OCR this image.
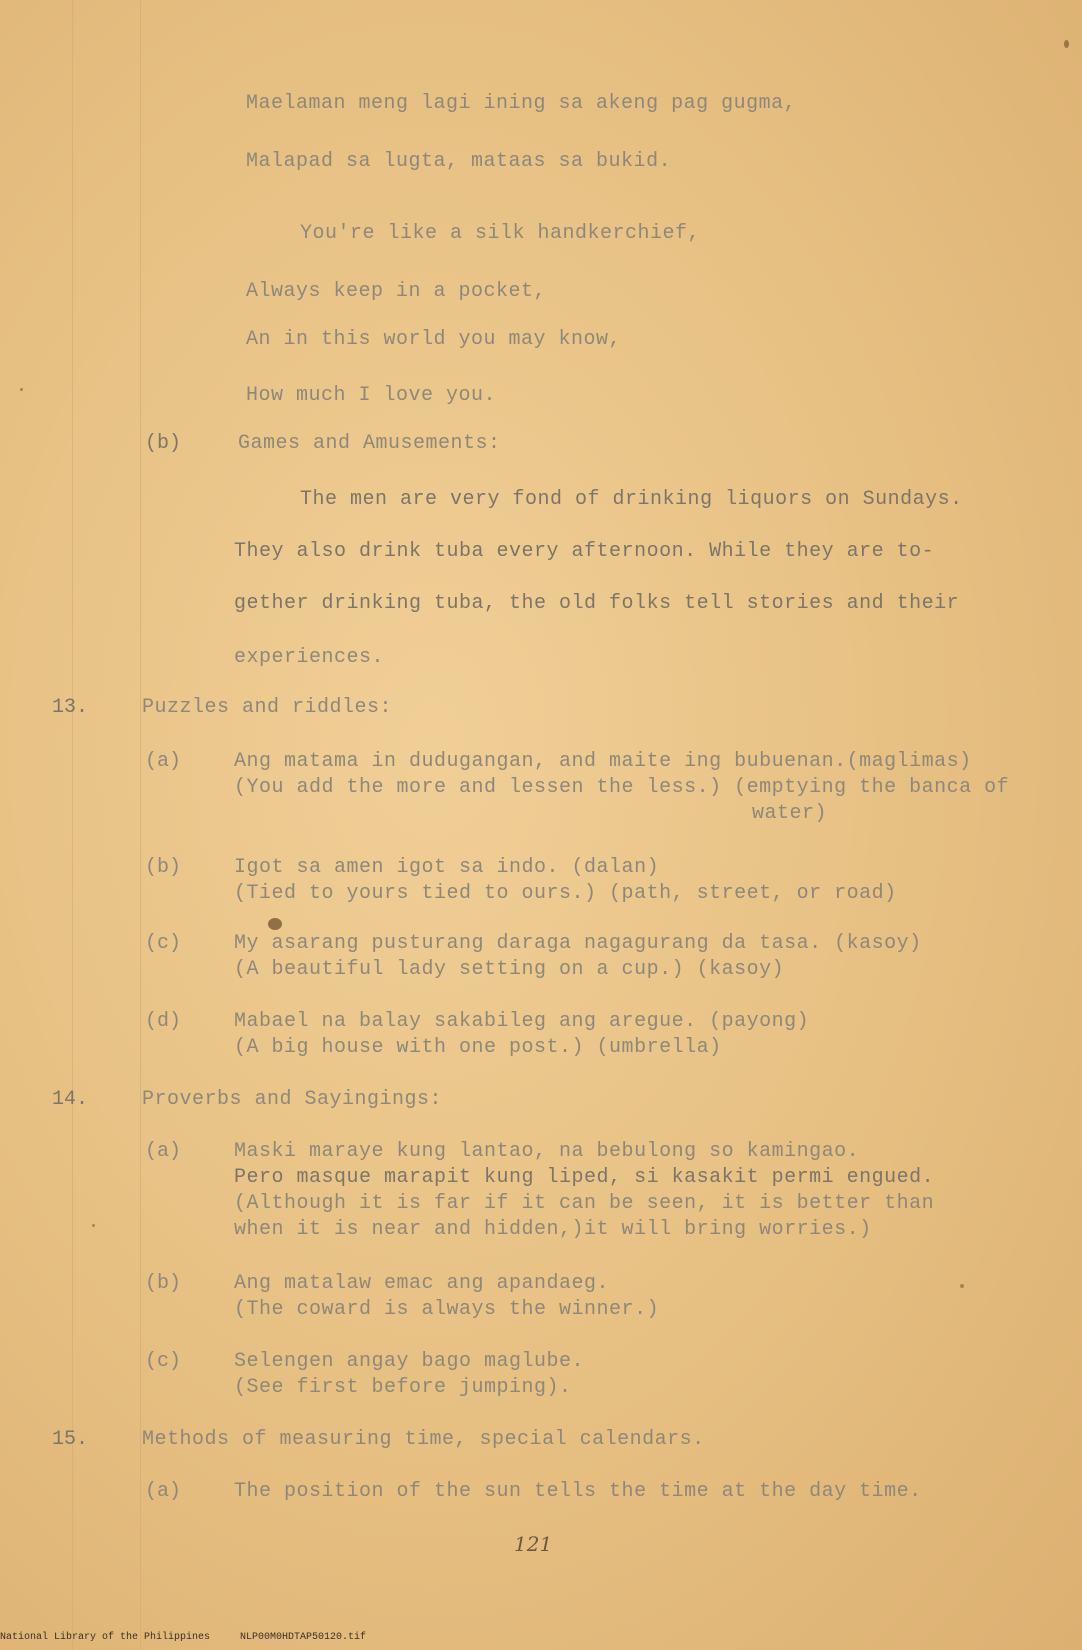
Maelaman meng lagi ining sa akeng pag gugma,
Malapad sa lugta, mataas sa bukid.
You're like a silk handkerchief,
Always keep in a pocket,
An in this world you may know,
How much I love you.
(b)	Games and Amusements:
The men are very fond of drinking liquors on Sundays.
They also drink tuba every afternoon. While they are to-
gether drinking tuba, the old folks tell stories and their
experiences.
13.	Puzzles and riddles:
(a)	Ang matama in dudugangan, and maite ing bubuenan.(maglimas)
(You add the more and lessen the less.) (emptying the banca of
water)
(b)	Igot sa amen igot sa indo. (dalan)
(Tied to yours tied to ours.) (path, street, or road)
(c)	My asarang pusturang daraga nagagurang da tasa. (kasoy)
(A beautiful lady setting on a cup.) (kasoy)
(d)	Mabael na balay sakabileg ang aregue. (payong)
(A big house with one post.) (umbrella)
14.	Proverbs and Sayingings:
(a)	Maski maraye kung lantao, na bebulong so kamingao.
Pero masque marapit kung liped, si kasakit permi engued.
(Although it is far if it can be seen, it is better than
when it is near and hidden,)it will bring worries.)
(b)	Ang matalaw emac ang apandaeg.
(The coward is always the winner.)
(c)	Selengen angay bago maglube.
(See first before jumping).
15.	Methods of measuring time, special calendars.
(a)	The position of the sun tells the time at the day time.
121
National Library of the Philippines     NLP00M0HDTAP50120.tif
